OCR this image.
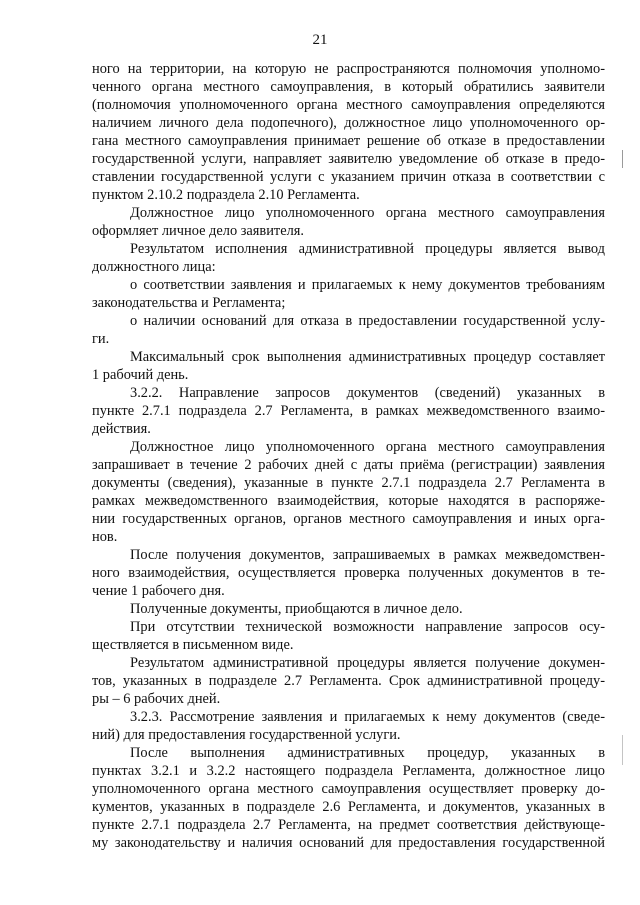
21
ного на территории, на которую не распространяются полномочия уполномо-
ченного органа местного самоуправления, в который обратились заявители
(полномочия уполномоченного органа местного самоуправления определяются
наличием личного дела подопечного), должностное лицо уполномоченного ор-
гана местного самоуправления принимает решение об отказе в предоставлении
государственной услуги, направляет заявителю уведомление об отказе в предо-
ставлении государственной услуги с указанием причин отказа в соответствии с
пунктом 2.10.2 подраздела 2.10 Регламента.
Должностное лицо уполномоченного органа местного самоуправления
оформляет личное дело заявителя.
Результатом исполнения административной процедуры является вывод
должностного лица:
о соответствии заявления и прилагаемых к нему документов требованиям
законодательства и Регламента;
о наличии оснований для отказа в предоставлении государственной услу-
ги.
Максимальный срок выполнения административных процедур составляет
1 рабочий день.
3.2.2. Направление запросов документов (сведений) указанных в
пункте 2.7.1 подраздела 2.7 Регламента, в рамках межведомственного взаимо-
действия.
Должностное лицо уполномоченного органа местного самоуправления
запрашивает в течение 2 рабочих дней с даты приёма (регистрации) заявления
документы (сведения), указанные в пункте 2.7.1 подраздела 2.7 Регламента в
рамках межведомственного взаимодействия, которые находятся в распоряже-
нии государственных органов, органов местного самоуправления и иных орга-
нов.
После получения документов, запрашиваемых в рамках межведомствен-
ного взаимодействия, осуществляется проверка полученных документов в те-
чение 1 рабочего дня.
Полученные документы, приобщаются в личное дело.
При отсутствии технической возможности направление запросов осу-
ществляется в письменном виде.
Результатом административной процедуры является получение докумен-
тов, указанных в подразделе 2.7 Регламента. Срок административной процеду-
ры – 6 рабочих дней.
3.2.3. Рассмотрение заявления и прилагаемых к нему документов (сведе-
ний) для предоставления государственной услуги.
После выполнения административных процедур, указанных в
пунктах 3.2.1 и 3.2.2 настоящего подраздела Регламента, должностное лицо
уполномоченного органа местного самоуправления осуществляет проверку до-
кументов, указанных в подразделе 2.6 Регламента, и документов, указанных в
пункте 2.7.1 подраздела 2.7 Регламента, на предмет соответствия действующе-
му законодательству и наличия оснований для предоставления государственной
